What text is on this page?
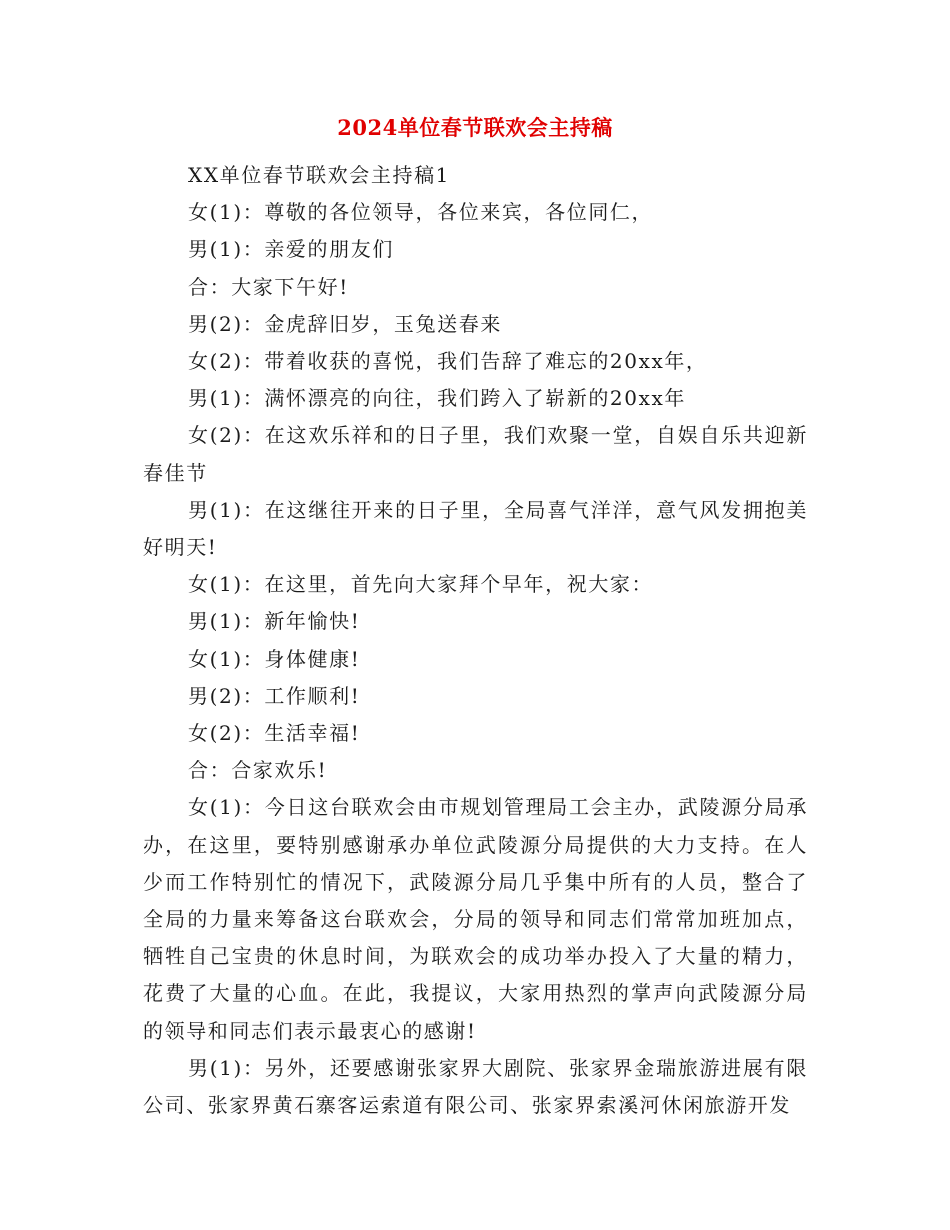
2024单位春节联欢会主持稿

XX单位春节联欢会主持稿1

女(1)：尊敬的各位领导，各位来宾，各位同仁，

男(1)：亲爱的朋友们

合：大家下午好!

男(2)：金虎辞旧岁，玉兔送春来

女(2)：带着收获的喜悦，我们告辞了难忘的20xx年，

男(1)：满怀漂亮的向往，我们跨入了崭新的20xx年

女(2)：在这欢乐祥和的日子里，我们欢聚一堂，自娱自乐共迎新春佳节

男(1)：在这继往开来的日子里，全局喜气洋洋，意气风发拥抱美好明天!

女(1)：在这里，首先向大家拜个早年，祝大家：

男(1)：新年愉快!

女(1)：身体健康!

男(2)：工作顺利!

女(2)：生活幸福!

合：合家欢乐!

女(1)：今日这台联欢会由市规划管理局工会主办，武陵源分局承办，在这里，要特别感谢承办单位武陵源分局提供的大力支持。在人少而工作特别忙的情况下，武陵源分局几乎集中所有的人员，整合了全局的力量来筹备这台联欢会，分局的领导和同志们常常加班加点，牺牲自己宝贵的休息时间，为联欢会的成功举办投入了大量的精力，花费了大量的心血。在此，我提议，大家用热烈的掌声向武陵源分局的领导和同志们表示最衷心的感谢!

男(1)：另外，还要感谢张家界大剧院、张家界金瑞旅游进展有限公司、张家界黄石寨客运索道有限公司、张家界索溪河休闲旅游开发
